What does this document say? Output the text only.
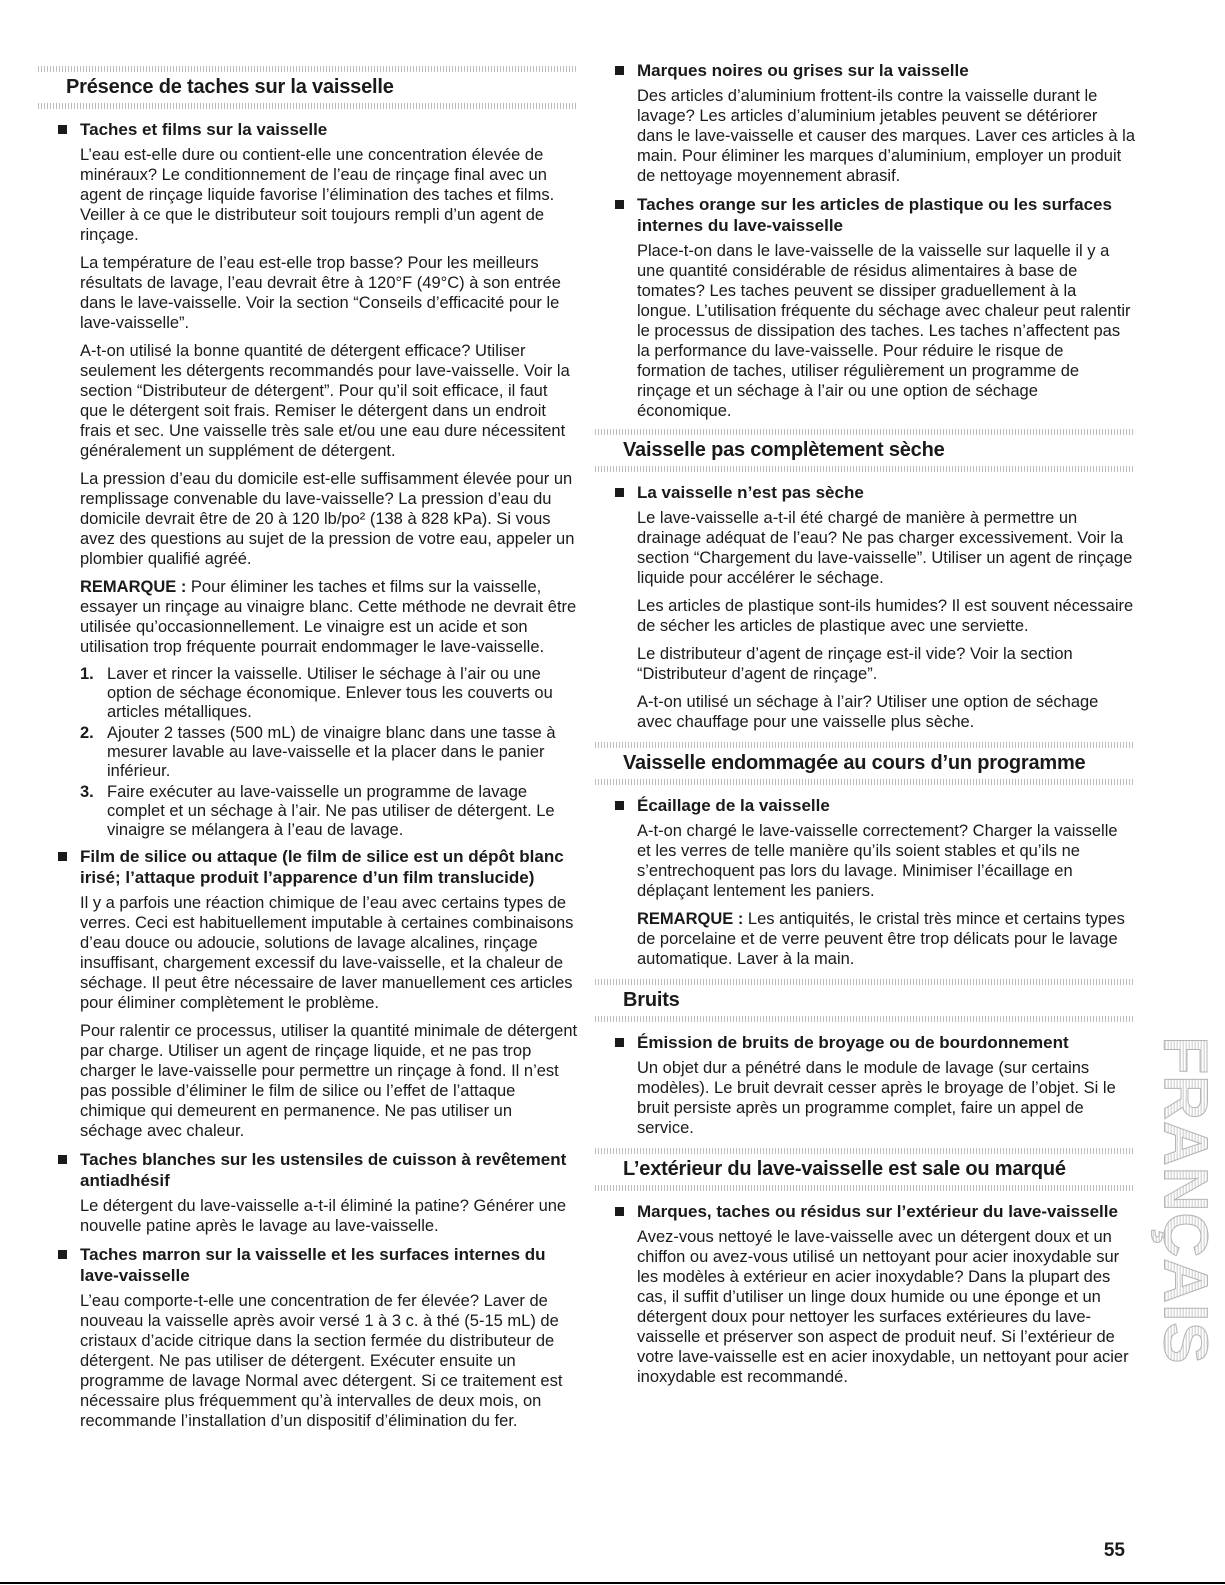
Présence de taches sur la vaisselle
Taches et films sur la vaisselle

L’eau est-elle dure ou contient-elle une concentration élevée de minéraux? Le conditionnement de l’eau de rinçage final avec un agent de rinçage liquide favorise l’élimination des taches et films. Veiller à ce que le distributeur soit toujours rempli d’un agent de rinçage.

La température de l’eau est-elle trop basse? Pour les meilleurs résultats de lavage, l’eau devrait être à 120°F (49°C) à son entrée dans le lave-vaisselle. Voir la section “Conseils d’efficacité pour le lave-vaisselle”.

A-t-on utilisé la bonne quantité de détergent efficace? Utiliser seulement les détergents recommandés pour lave-vaisselle. Voir la section “Distributeur de détergent”. Pour qu’il soit efficace, il faut que le détergent soit frais. Remiser le détergent dans un endroit frais et sec. Une vaisselle très sale et/ou une eau dure nécessitent généralement un supplément de détergent.

La pression d’eau du domicile est-elle suffisamment élevée pour un remplissage convenable du lave-vaisselle? La pression d’eau du domicile devrait être de 20 à 120 lb/po² (138 à 828 kPa). Si vous avez des questions au sujet de la pression de votre eau, appeler un plombier qualifié agréé.

REMARQUE : Pour éliminer les taches et films sur la vaisselle, essayer un rinçage au vinaigre blanc. Cette méthode ne devrait être utilisée qu’occasionnellement. Le vinaigre est un acide et son utilisation trop fréquente pourrait endommager le lave-vaisselle.

1. Laver et rincer la vaisselle. Utiliser le séchage à l’air ou une option de séchage économique. Enlever tous les couverts ou articles métalliques.
2. Ajouter 2 tasses (500 mL) de vinaigre blanc dans une tasse à mesurer lavable au lave-vaisselle et la placer dans le panier inférieur.
3. Faire exécuter au lave-vaisselle un programme de lavage complet et un séchage à l’air. Ne pas utiliser de détergent. Le vinaigre se mélangera à l’eau de lavage.
Film de silice ou attaque (le film de silice est un dépôt blanc irisé; l’attaque produit l’apparence d’un film translucide)

Il y a parfois une réaction chimique de l’eau avec certains types de verres. Ceci est habituellement imputable à certaines combinaisons d’eau douce ou adoucie, solutions de lavage alcalines, rinçage insuffisant, chargement excessif du lave-vaisselle, et la chaleur de séchage. Il peut être nécessaire de laver manuellement ces articles pour éliminer complètement le problème.

Pour ralentir ce processus, utiliser la quantité minimale de détergent par charge. Utiliser un agent de rinçage liquide, et ne pas trop charger le lave-vaisselle pour permettre un rinçage à fond. Il n’est pas possible d’éliminer le film de silice ou l’effet de l’attaque chimique qui demeurent en permanence. Ne pas utiliser un séchage avec chaleur.

Taches blanches sur les ustensiles de cuisson à revêtement antiadhésif

Le détergent du lave-vaisselle a-t-il éliminé la patine? Générer une nouvelle patine après le lavage au lave-vaisselle.

Taches marron sur la vaisselle et les surfaces internes du lave-vaisselle

L’eau comporte-t-elle une concentration de fer élevée? Laver de nouveau la vaisselle après avoir versé 1 à 3 c. à thé (5-15 mL) de cristaux d’acide citrique dans la section fermée du distributeur de détergent. Ne pas utiliser de détergent. Exécuter ensuite un programme de lavage Normal avec détergent. Si ce traitement est nécessaire plus fréquemment qu’à intervalles de deux mois, on recommande l’installation d’un dispositif d’élimination du fer.

Marques noires ou grises sur la vaisselle

Des articles d’aluminium frottent-ils contre la vaisselle durant le lavage? Les articles d’aluminium jetables peuvent se détériorer dans le lave-vaisselle et causer des marques. Laver ces articles à la main. Pour éliminer les marques d’aluminium, employer un produit de nettoyage moyennement abrasif.

Taches orange sur les articles de plastique ou les surfaces internes du lave-vaisselle

Place-t-on dans le lave-vaisselle de la vaisselle sur laquelle il y a une quantité considérable de résidus alimentaires à base de tomates? Les taches peuvent se dissiper graduellement à la longue. L’utilisation fréquente du séchage avec chaleur peut ralentir le processus de dissipation des taches. Les taches n’affectent pas la performance du lave-vaisselle. Pour réduire le risque de formation de taches, utiliser régulièrement un programme de rinçage et un séchage à l’air ou une option de séchage économique.

Vaisselle pas complètement sèche
La vaisselle n’est pas sèche

Le lave-vaisselle a-t-il été chargé de manière à permettre un drainage adéquat de l’eau? Ne pas charger excessivement. Voir la section “Chargement du lave-vaisselle”. Utiliser un agent de rinçage liquide pour accélérer le séchage.

Les articles de plastique sont-ils humides? Il est souvent nécessaire de sécher les articles de plastique avec une serviette.

Le distributeur d’agent de rinçage est-il vide? Voir la section “Distributeur d’agent de rinçage”.

A-t-on utilisé un séchage à l’air? Utiliser une option de séchage avec chauffage pour une vaisselle plus sèche.

Vaisselle endommagée au cours d’un programme
Écaillage de la vaisselle

A-t-on chargé le lave-vaisselle correctement? Charger la vaisselle et les verres de telle manière qu’ils soient stables et qu’ils ne s’entrechoquent pas lors du lavage. Minimiser l’écaillage en déplaçant lentement les paniers.

REMARQUE : Les antiquités, le cristal très mince et certains types de porcelaine et de verre peuvent être trop délicats pour le lavage automatique. Laver à la main.

Bruits
Émission de bruits de broyage ou de bourdonnement

Un objet dur a pénétré dans le module de lavage (sur certains modèles). Le bruit devrait cesser après le broyage de l’objet. Si le bruit persiste après un programme complet, faire un appel de service.

L’extérieur du lave-vaisselle est sale ou marqué
Marques, taches ou résidus sur l’extérieur du lave-vaisselle

Avez-vous nettoyé le lave-vaisselle avec un détergent doux et un chiffon ou avez-vous utilisé un nettoyant pour acier inoxydable sur les modèles à extérieur en acier inoxydable? Dans la plupart des cas, il suffit d’utiliser un linge doux humide ou une éponge et un détergent doux pour nettoyer les surfaces extérieures du lave-vaisselle et préserver son aspect de produit neuf. Si l’extérieur de votre lave-vaisselle est en acier inoxydable, un nettoyant pour acier inoxydable est recommandé.

FRANÇAIS
55
